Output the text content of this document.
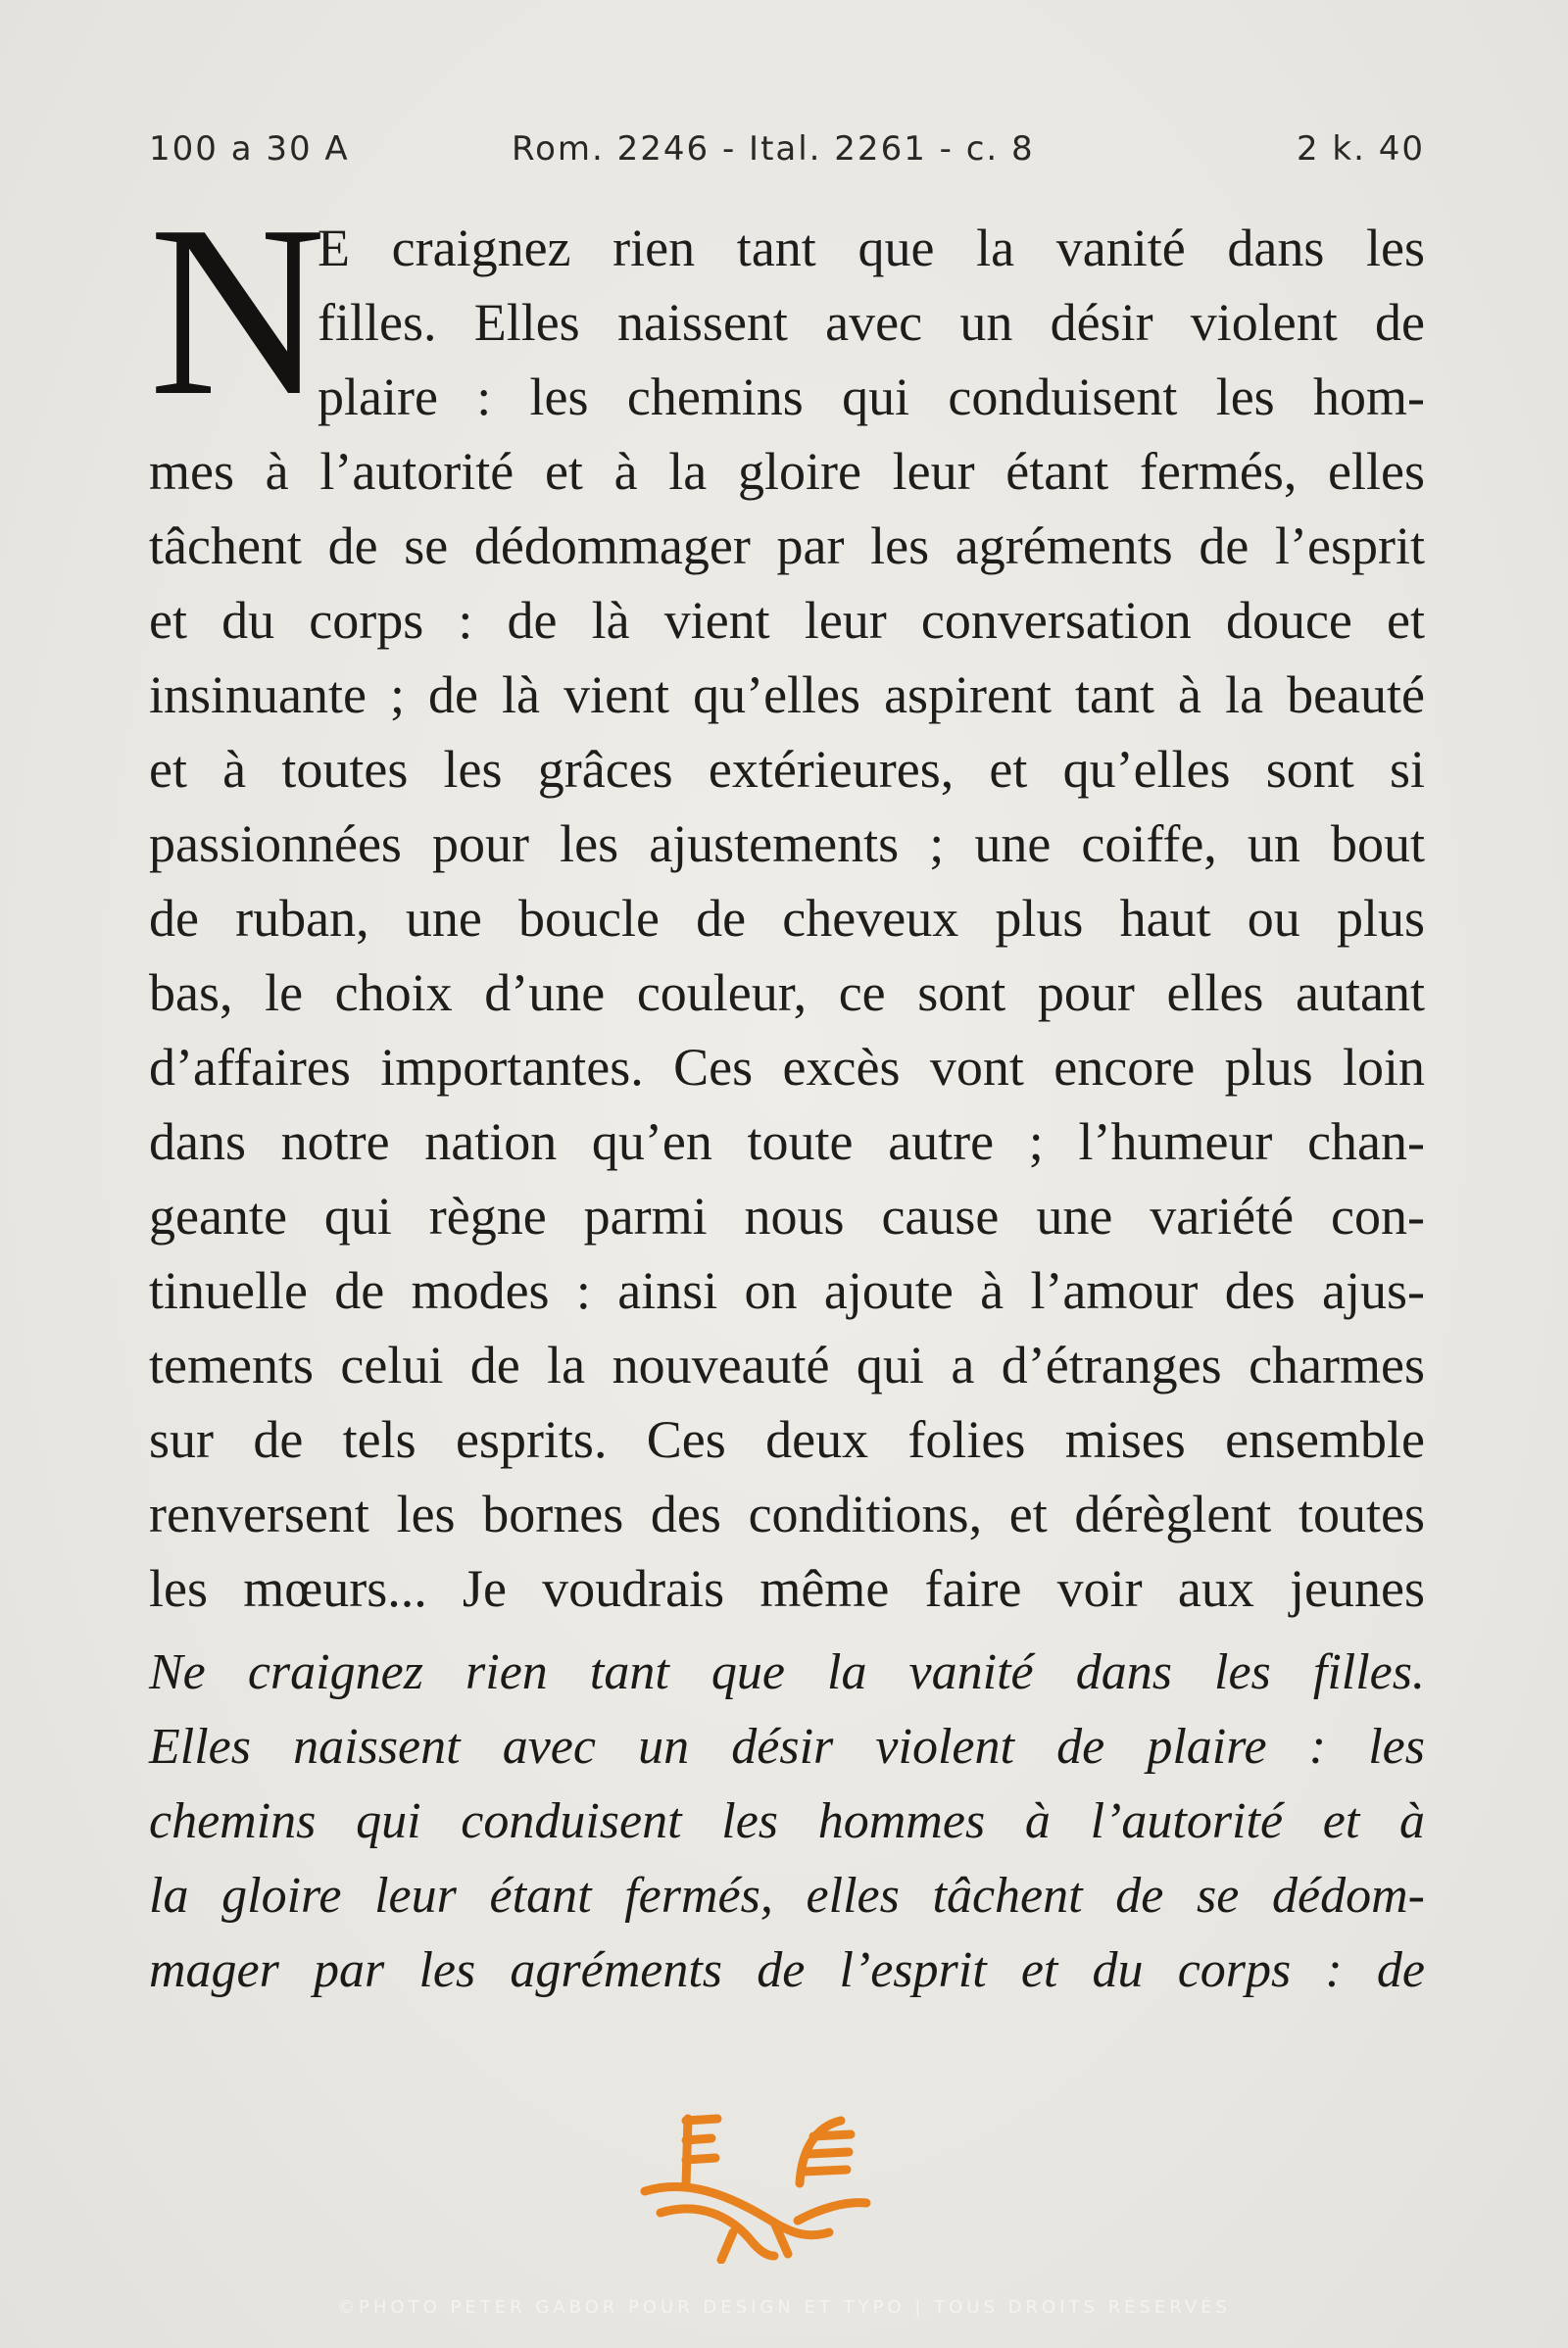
100 a 30 A	Rom. 2246 - Ital. 2261 - c. 8	2 k. 40
N
E craignez rien tant que la vanité dans les
filles. Elles naissent avec un désir violent de
plaire : les chemins qui conduisent les hom-
mes à l’autorité et à la gloire leur étant fermés, elles
tâchent de se dédommager par les agréments de l’esprit
et du corps : de là vient leur conversation douce et
insinuante ; de là vient qu’elles aspirent tant à la beauté
et à toutes les grâces extérieures, et qu’elles sont si
passionnées pour les ajustements ; une coiffe, un bout
de ruban, une boucle de cheveux plus haut ou plus
bas, le choix d’une couleur, ce sont pour elles autant
d’affaires importantes. Ces excès vont encore plus loin
dans notre nation qu’en toute autre ; l’humeur chan-
geante qui règne parmi nous cause une variété con-
tinuelle de modes : ainsi on ajoute à l’amour des ajus-
tements celui de la nouveauté qui a d’étranges charmes
sur de tels esprits. Ces deux folies mises ensemble
renversent les bornes des conditions, et dérèglent toutes
les mœurs... Je voudrais même faire voir aux jeunes
Ne craignez rien tant que la vanité dans les filles.
Elles naissent avec un désir violent de plaire : les
chemins qui conduisent les hommes à l’autorité et à
la gloire leur étant fermés, elles tâchent de se dédom-
mager par les agréments de l’esprit et du corps : de
©PHOTO PETER GABOR POUR DESIGN ET TYPO | TOUS DROITS RÉSERVÉS
